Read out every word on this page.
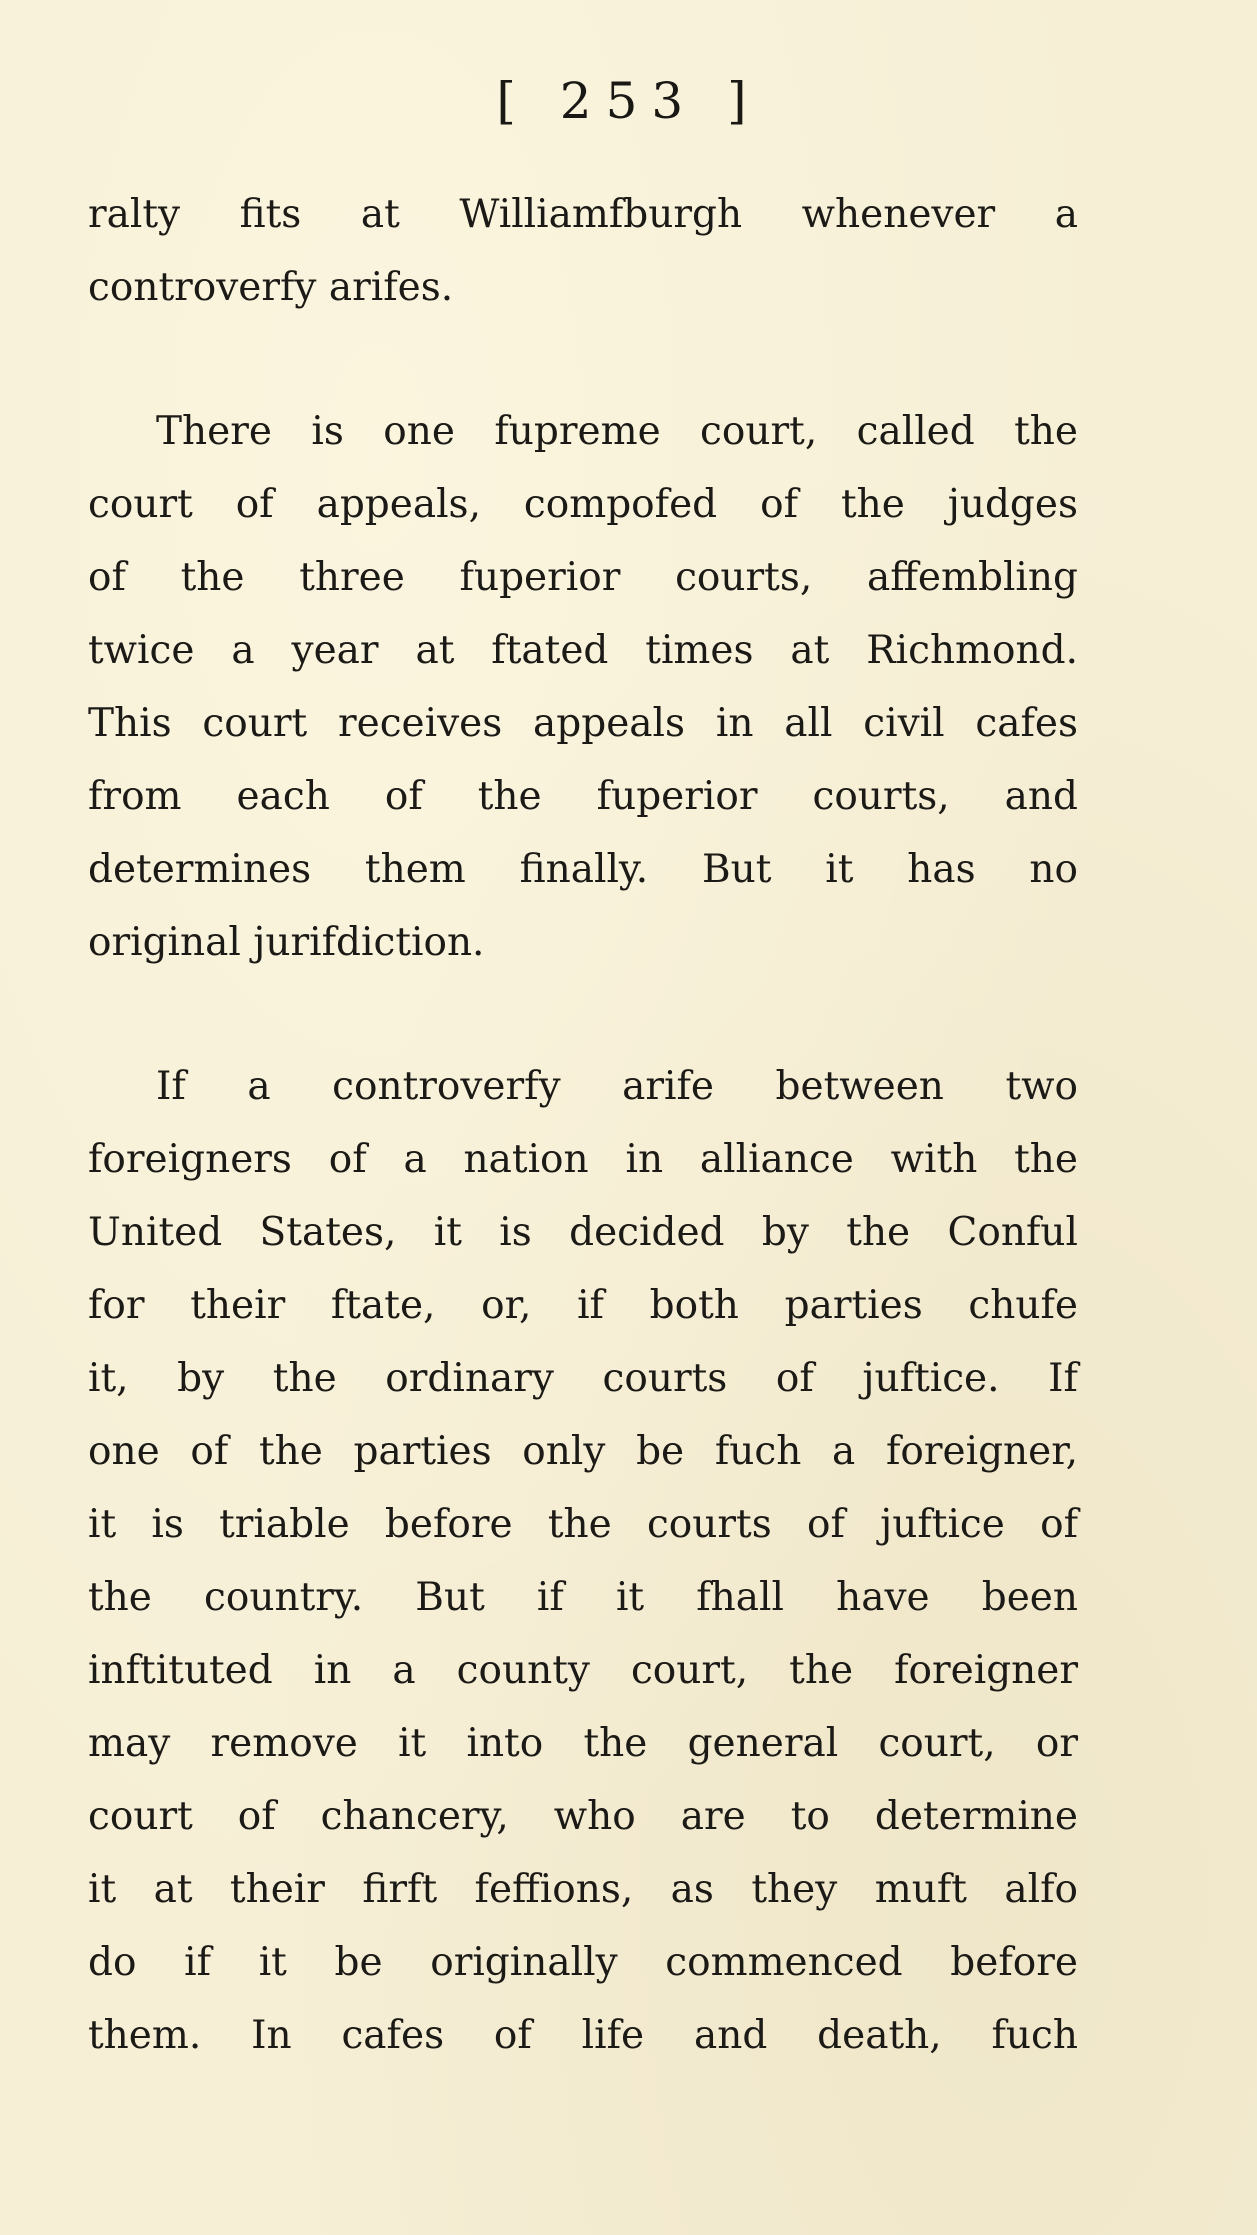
[ 253 ]
ralty fits at Williamfburgh whenever a
controverfy arifes.
There is one fupreme court, called the
court of appeals, compofed of the judges
of the three fuperior courts, affembling
twice a year at ftated times at Richmond.
This court receives appeals in all civil cafes
from each of the fuperior courts, and
determines them finally. But it has no
original jurifdiction.
If a controverfy arife between two
foreigners of a nation in alliance with the
United States, it is decided by the Conful
for their ftate, or, if both parties chufe
it, by the ordinary courts of juftice. If
one of the parties only be fuch a foreigner,
it is triable before the courts of juftice of
the country. But if it fhall have been
inftituted in a county court, the foreigner
may remove it into the general court, or
court of chancery, who are to determine
it at their firft feffions, as they muft alfo
do if it be originally commenced before
them. In cafes of life and death, fuch
